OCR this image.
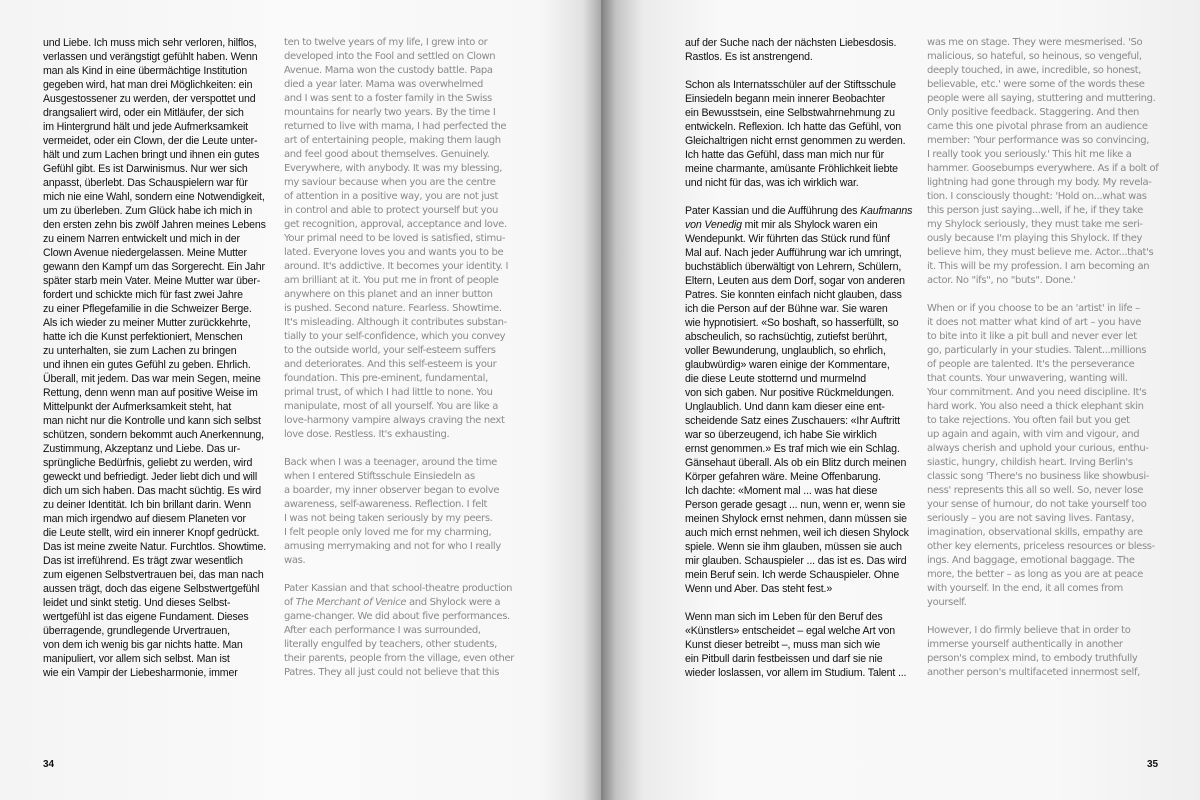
und Liebe. Ich muss mich sehr verloren, hilflos,
verlassen und verängstigt gefühlt haben. Wenn
man als Kind in eine übermächtige Institution
gegeben wird, hat man drei Möglichkeiten: ein
Ausgestossener zu werden, der verspottet und
drangsaliert wird, oder ein Mitläufer, der sich
im Hintergrund hält und jede Aufmerksamkeit
vermeidet, oder ein Clown, der die Leute unter-
hält und zum Lachen bringt und ihnen ein gutes
Gefühl gibt. Es ist Darwinismus. Nur wer sich
anpasst, überlebt. Das Schauspielern war für
mich nie eine Wahl, sondern eine Notwendigkeit,
um zu überleben. Zum Glück habe ich mich in
den ersten zehn bis zwölf Jahren meines Lebens
zu einem Narren entwickelt und mich in der
Clown Avenue niedergelassen. Meine Mutter
gewann den Kampf um das Sorgerecht. Ein Jahr
später starb mein Vater. Meine Mutter war über-
fordert und schickte mich für fast zwei Jahre
zu einer Pflegefamilie in die Schweizer Berge.
Als ich wieder zu meiner Mutter zurückkehrte,
hatte ich die Kunst perfektioniert, Menschen
zu unterhalten, sie zum Lachen zu bringen
und ihnen ein gutes Gefühl zu geben. Ehrlich.
Überall, mit jedem. Das war mein Segen, meine
Rettung, denn wenn man auf positive Weise im
Mittelpunkt der Aufmerksamkeit steht, hat
man nicht nur die Kontrolle und kann sich selbst
schützen, sondern bekommt auch Anerkennung,
Zustimmung, Akzeptanz und Liebe. Das ur-
sprüngliche Bedürfnis, geliebt zu werden, wird
geweckt und befriedigt. Jeder liebt dich und will
dich um sich haben. Das macht süchtig. Es wird
zu deiner Identität. Ich bin brillant darin. Wenn
man mich irgendwo auf diesem Planeten vor
die Leute stellt, wird ein innerer Knopf gedrückt.
Das ist meine zweite Natur. Furchtlos. Showtime.
Das ist irreführend. Es trägt zwar wesentlich
zum eigenen Selbstvertrauen bei, das man nach
aussen trägt, doch das eigene Selbstwertgefühl
leidet und sinkt stetig. Und dieses Selbst-
wertgefühl ist das eigene Fundament. Dieses
überragende, grundlegende Urvertrauen,
von dem ich wenig bis gar nichts hatte. Man
manipuliert, vor allem sich selbst. Man ist
wie ein Vampir der Liebesharmonie, immer

ten to twelve years of my life, I grew into or
developed into the Fool and settled on Clown
Avenue. Mama won the custody battle. Papa
died a year later. Mama was overwhelmed
and I was sent to a foster family in the Swiss
mountains for nearly two years. By the time I
returned to live with mama, I had perfected the
art of entertaining people, making them laugh
and feel good about themselves. Genuinely.
Everywhere, with anybody. It was my blessing,
my saviour because when you are the centre
of attention in a positive way, you are not just
in control and able to protect yourself but you
get recognition, approval, acceptance and love.
Your primal need to be loved is satisfied, stimu-
lated. Everyone loves you and wants you to be
around. It's addictive. It becomes your identity. I
am brilliant at it. You put me in front of people
anywhere on this planet and an inner button
is pushed. Second nature. Fearless. Showtime.
It's misleading. Although it contributes substan-
tially to your self-confidence, which you convey
to the outside world, your self-esteem suffers
and deteriorates. And this self-esteem is your
foundation. This pre-eminent, fundamental,
primal trust, of which I had little to none. You
manipulate, most of all yourself. You are like a
love-harmony vampire always craving the next
love dose. Restless. It's exhausting.

Back when I was a teenager, around the time
when I entered Stiftsschule Einsiedeln as
a boarder, my inner observer began to evolve
awareness, self-awareness. Reflection. I felt
I was not being taken seriously by my peers.
I felt people only loved me for my charming,
amusing merrymaking and not for who I really
was.

Pater Kassian and that school-theatre production
of The Merchant of Venice and Shylock were a
game-changer. We did about five performances.
After each performance I was surrounded,
literally engulfed by teachers, other students,
their parents, people from the village, even other
Patres. They all just could not believe that this

34

auf der Suche nach der nächsten Liebesdosis.
Rastlos. Es ist anstrengend.

Schon als Internatsschüler auf der Stiftsschule
Einsiedeln begann mein innerer Beobachter
ein Bewusstsein, eine Selbstwahrnehmung zu
entwickeln. Reflexion. Ich hatte das Gefühl, von
Gleichaltrigen nicht ernst genommen zu werden.
Ich hatte das Gefühl, dass man mich nur für
meine charmante, amüsante Fröhlichkeit liebte
und nicht für das, was ich wirklich war.

Pater Kassian und die Aufführung des Kaufmanns
von Venedig mit mir als Shylock waren ein
Wendepunkt. Wir führten das Stück rund fünf
Mal auf. Nach jeder Aufführung war ich umringt,
buchstäblich überwältigt von Lehrern, Schülern,
Eltern, Leuten aus dem Dorf, sogar von anderen
Patres. Sie konnten einfach nicht glauben, dass
ich die Person auf der Bühne war. Sie waren
wie hypnotisiert. «So boshaft, so hasserfüllt, so
abscheulich, so rachsüchtig, zutiefst berührt,
voller Bewunderung, unglaublich, so ehrlich,
glaubwürdig» waren einige der Kommentare,
die diese Leute stotternd und murmelnd
von sich gaben. Nur positive Rückmeldungen.
Unglaublich. Und dann kam dieser eine ent-
scheidende Satz eines Zuschauers: «Ihr Auftritt
war so überzeugend, ich habe Sie wirklich
ernst genommen.» Es traf mich wie ein Schlag.
Gänsehaut überall. Als ob ein Blitz durch meinen
Körper gefahren wäre. Meine Offenbarung.
Ich dachte: «Moment mal ... was hat diese
Person gerade gesagt ... nun, wenn er, wenn sie
meinen Shylock ernst nehmen, dann müssen sie
auch mich ernst nehmen, weil ich diesen Shylock
spiele. Wenn sie ihm glauben, müssen sie auch
mir glauben. Schauspieler ... das ist es. Das wird
mein Beruf sein. Ich werde Schauspieler. Ohne
Wenn und Aber. Das steht fest.»

Wenn man sich im Leben für den Beruf des
«Künstlers» entscheidet – egal welche Art von
Kunst dieser betreibt –, muss man sich wie
ein Pitbull darin festbeissen und darf sie nie
wieder loslassen, vor allem im Studium. Talent ...

was me on stage. They were mesmerised. 'So
malicious, so hateful, so heinous, so vengeful,
deeply touched, in awe, incredible, so honest,
believable, etc.' were some of the words these
people were all saying, stuttering and muttering.
Only positive feedback. Staggering. And then
came this one pivotal phrase from an audience
member: 'Your performance was so convincing,
I really took you seriously.' This hit me like a
hammer. Goosebumps everywhere. As if a bolt of
lightning had gone through my body. My revela-
tion. I consciously thought: 'Hold on...what was
this person just saying...well, if he, if they take
my Shylock seriously, they must take me seri-
ously because I'm playing this Shylock. If they
believe him, they must believe me. Actor...that's
it. This will be my profession. I am becoming an
actor. No "ifs", no "buts". Done.'

When or if you choose to be an 'artist' in life –
it does not matter what kind of art – you have
to bite into it like a pit bull and never ever let
go, particularly in your studies. Talent...millions
of people are talented. It's the perseverance
that counts. Your unwavering, wanting will.
Your commitment. And you need discipline. It's
hard work. You also need a thick elephant skin
to take rejections. You often fail but you get
up again and again, with vim and vigour, and
always cherish and uphold your curious, enthu-
siastic, hungry, childish heart. Irving Berlin's
classic song 'There's no business like showbusi-
ness' represents this all so well. So, never lose
your sense of humour, do not take yourself too
seriously – you are not saving lives. Fantasy,
imagination, observational skills, empathy are
other key elements, priceless resources or bless-
ings. And baggage, emotional baggage. The
more, the better – as long as you are at peace
with yourself. In the end, it all comes from
yourself.

However, I do firmly believe that in order to
immerse yourself authentically in another
person's complex mind, to embody truthfully
another person's multifaceted innermost self,

35
